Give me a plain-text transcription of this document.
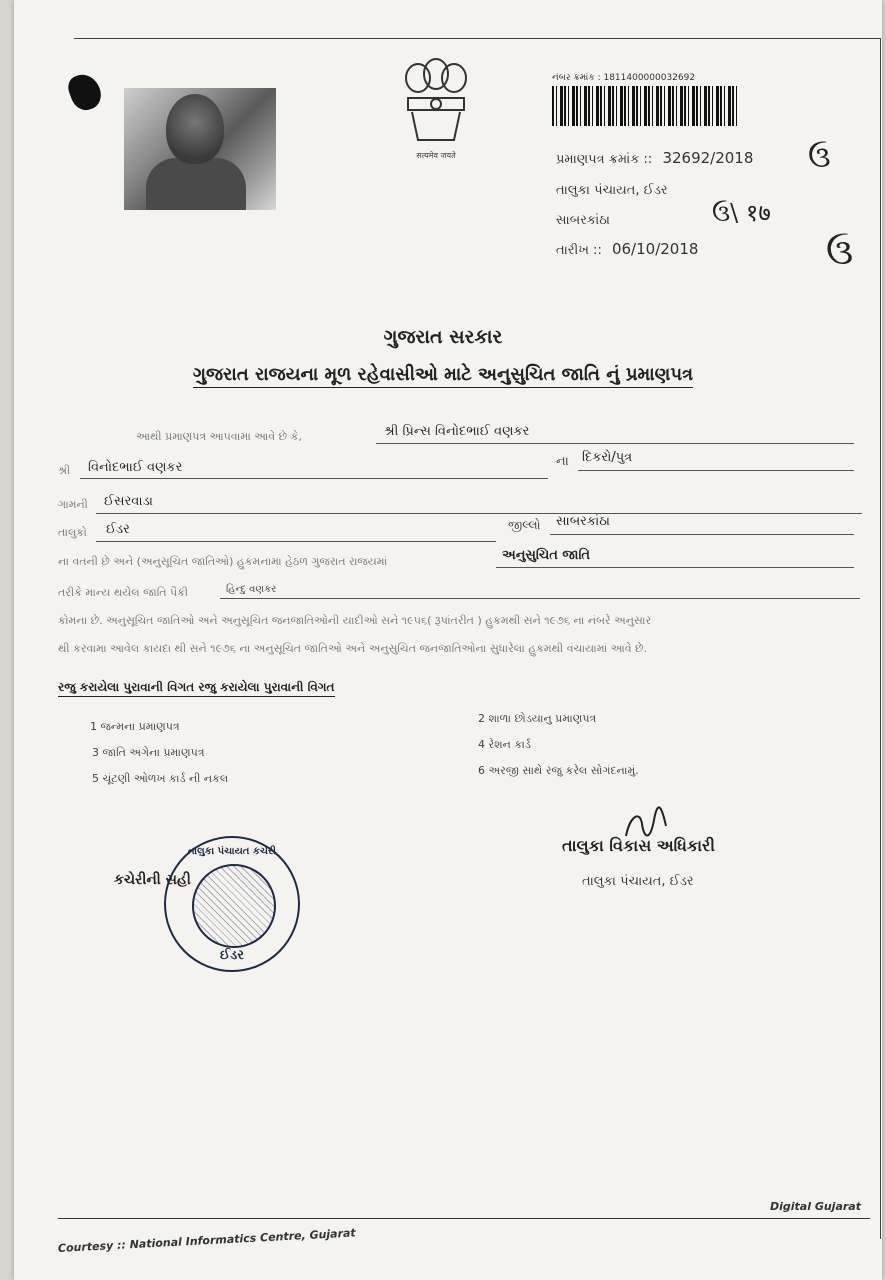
सत्यमेव जयते
નંબર ક્રમાંક : 1811400000032692
પ્રમાણપત્ર ક્રમાંક :: 32692/2018
તાલુકા પંચાયત, ઈડર
સાબરકાંઠા
તારીખ :: 06/10/2018
ઉ
ઉ
ઉ\ १७
ગુજરાત સરકાર
ગુજરાત રાજયના મૂળ રહેવાસીઓ માટે અનુસુચિત જાતિ નું પ્રમાણપત્ર
આથી પ્રમાણપત્ર આપવામા આવે છે કે,	શ્રી પ્રિન્સ વિનોદભાઈ વણકર
શ્રી વિનોદભાઈ વણકર	ના દિકરો/પુત્ર
ગામની ઈસરવાડા
તાલુકો ઈડર	જીલ્લો સાબરકાંઠા
ના વતની છે અને (અનુસૂચિત જાતિઓ) હુકમનામા હેઠળ ગુજરાત રાજયમાં	અનુસુચિત જાતિ
તરીકે માન્ય થયેલ જાતિ પૈકી	હિન્દુ વણકર
કોમના છે. અનુસૂચિત જાતિઓ અને અનુસૂચિત જનજાતિઓની યાદીઓ સને ૧૯૫૬( રૂપાંતરીત ) હુકમથી સને ૧૯૭૬ ના નંબરે અનુસાર
થી કરવામા આવેલ કાયદા થી સને ૧૯૭૬ ના અનુસૂચિત જાતિઓ અને અનુસુચિત જનજાતિઓના સુધારેલા હુકમથી વંચાયામાં આવે છે.
રજુ કરાયેલા પુરાવાની વિગત રજુ કરાયેલા પુરાવાની વિગત
1 જન્મના પ્રમાણપત્ર
2 શાળા છોડયાનુ પ્રમાણપત્ર
3 જાતિ અંગેના પ્રમાણપત્ર
4 રેશન કાર્ડ
5 ચૂંટણી ઓળખ કાર્ડ ની નકલ
6 અરજી સાથે રજુ કરેલ સોગંદનામું.
તાલુકા વિકાસ અધિકારી
તાલુકા પંચાયત, ઈડર
કચેરીની સહી
તાલુકા પંચાયત કચેરી
ઈડર
Digital Gujarat
Courtesy :: National Informatics Centre, Gujarat
